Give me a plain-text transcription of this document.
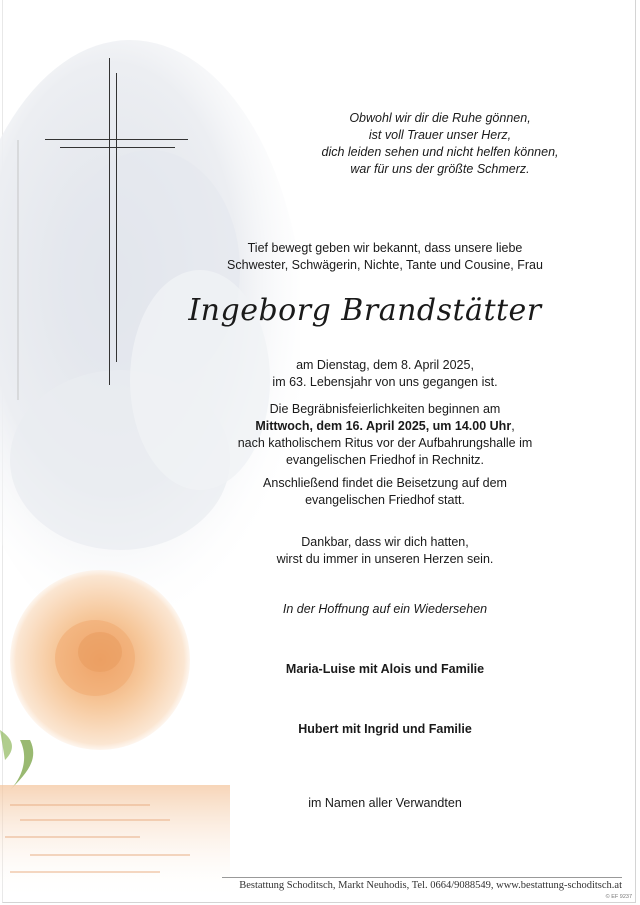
Obwohl wir dir die Ruhe gönnen,
ist voll Trauer unser Herz,
dich leiden sehen und nicht helfen können,
war für uns der größte Schmerz.
Tief bewegt geben wir bekannt, dass unsere liebe
Schwester, Schwägerin, Nichte, Tante und Cousine, Frau
Ingeborg Brandstätter
am Dienstag, dem 8. April 2025,
im 63. Lebensjahr von uns gegangen ist.
Die Begräbnisfeierlichkeiten beginnen am
Mittwoch, dem 16. April 2025, um 14.00 Uhr,
nach katholischem Ritus vor der Aufbahrungshalle im
evangelischen Friedhof in Rechnitz.
Anschließend findet die Beisetzung auf dem
evangelischen Friedhof statt.
Dankbar, dass wir dich hatten,
wirst du immer in unseren Herzen sein.
In der Hoffnung auf ein Wiedersehen
Maria-Luise mit Alois und Familie
Hubert mit Ingrid und Familie
im Namen aller Verwandten
Bestattung Schoditsch, Markt Neuhodis, Tel. 0664/9088549, www.bestattung-schoditsch.at
© EF 9237
